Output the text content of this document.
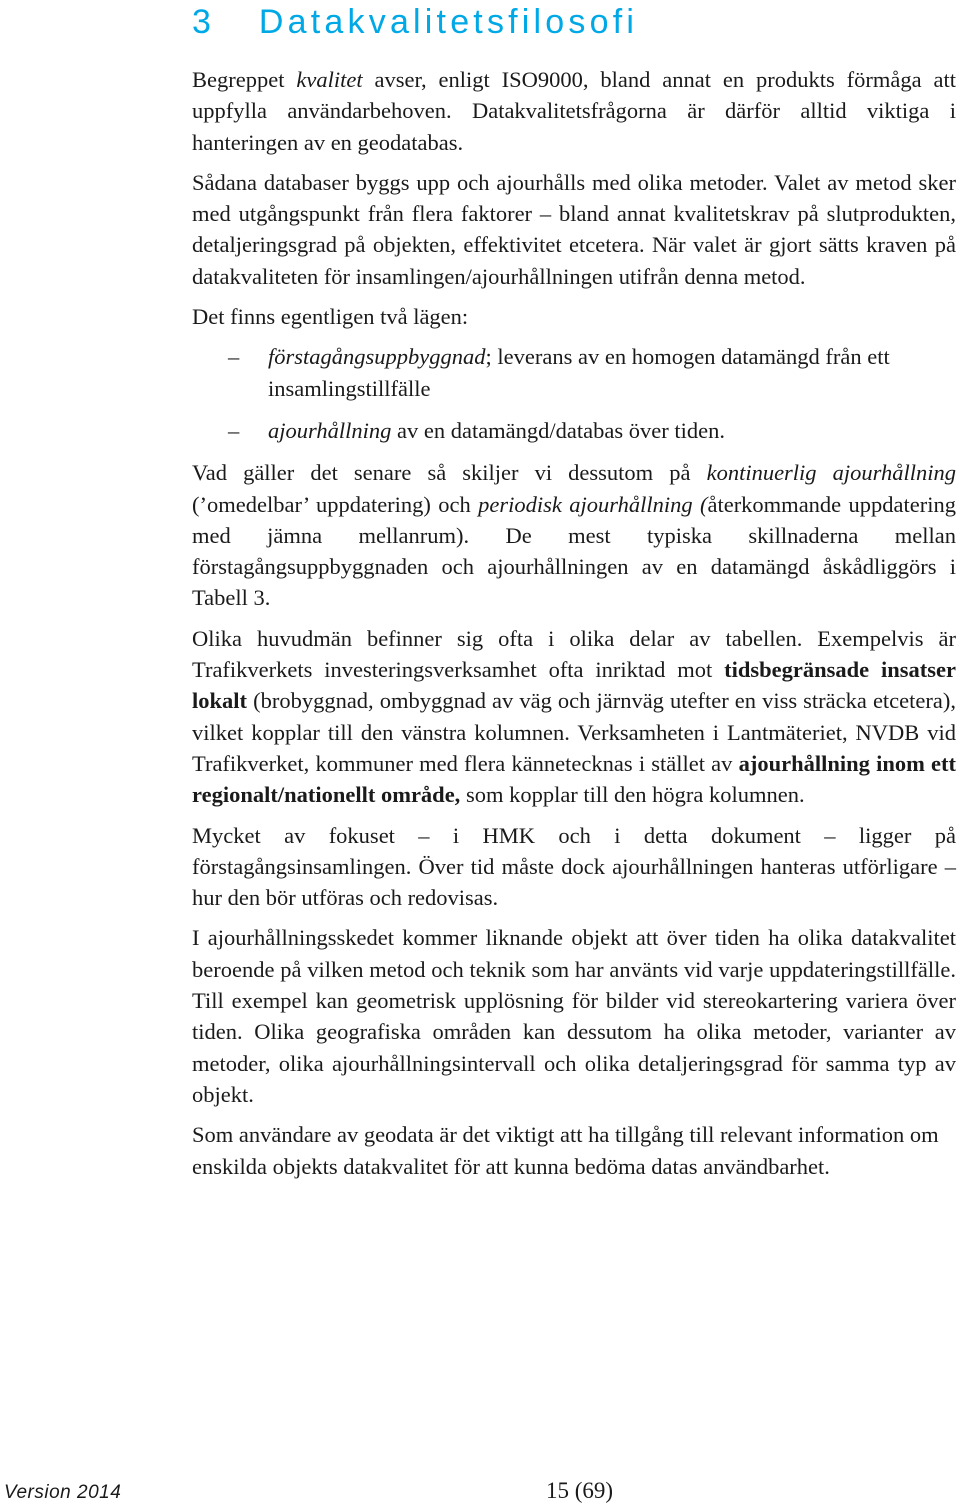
3 Datakvalitetsfilosofi

Begreppet kvalitet avser, enligt ISO9000, bland annat en produkts förmåga att uppfylla användarbehoven. Datakvalitetsfrågorna är därför alltid viktiga i hanteringen av en geodatabas.

Sådana databaser byggs upp och ajourhålls med olika metoder. Valet av metod sker med utgångspunkt från flera faktorer – bland annat kvalitetskrav på slutprodukten, detaljeringsgrad på objekten, effektivitet etcetera. När valet är gjort sätts kraven på datakvaliteten för insamlingen/ajourhållningen utifrån denna metod.

Det finns egentligen två lägen:

– förstagångsuppbyggnad; leverans av en homogen datamängd från ett insamlingstillfälle
– ajourhållning av en datamängd/databas över tiden.

Vad gäller det senare så skiljer vi dessutom på kontinuerlig ajourhållning (’omedelbar’ uppdatering) och periodisk ajourhållning (återkommande uppdatering med jämna mellanrum). De mest typiska skillnaderna mellan förstagångsuppbyggnaden och ajourhållningen av en datamängd åskådliggörs i Tabell 3.

Olika huvudmän befinner sig ofta i olika delar av tabellen. Exempelvis är Trafikverkets investeringsverksamhet ofta inriktad mot tidsbegränsade insatser lokalt (brobyggnad, ombyggnad av väg och järnväg utefter en viss sträcka etcetera), vilket kopplar till den vänstra kolumnen. Verksamheten i Lantmäteriet, NVDB vid Trafikverket, kommuner med flera kännetecknas i stället av ajourhållning inom ett regionalt/nationellt område, som kopplar till den högra kolumnen.

Mycket av fokuset – i HMK och i detta dokument – ligger på förstagångsinsamlingen. Över tid måste dock ajourhållningen hanteras utförligare – hur den bör utföras och redovisas.

I ajourhållningsskedet kommer liknande objekt att över tiden ha olika datakvalitet beroende på vilken metod och teknik som har använts vid varje uppdateringstillfälle. Till exempel kan geometrisk upplösning för bilder vid stereokartering variera över tiden. Olika geografiska områden kan dessutom ha olika metoder, varianter av metoder, olika ajourhållningsintervall och olika detaljeringsgrad för samma typ av objekt.

Som användare av geodata är det viktigt att ha tillgång till relevant information om enskilda objekts datakvalitet för att kunna bedöma datas användbarhet.

Version 2014	15 (69)
